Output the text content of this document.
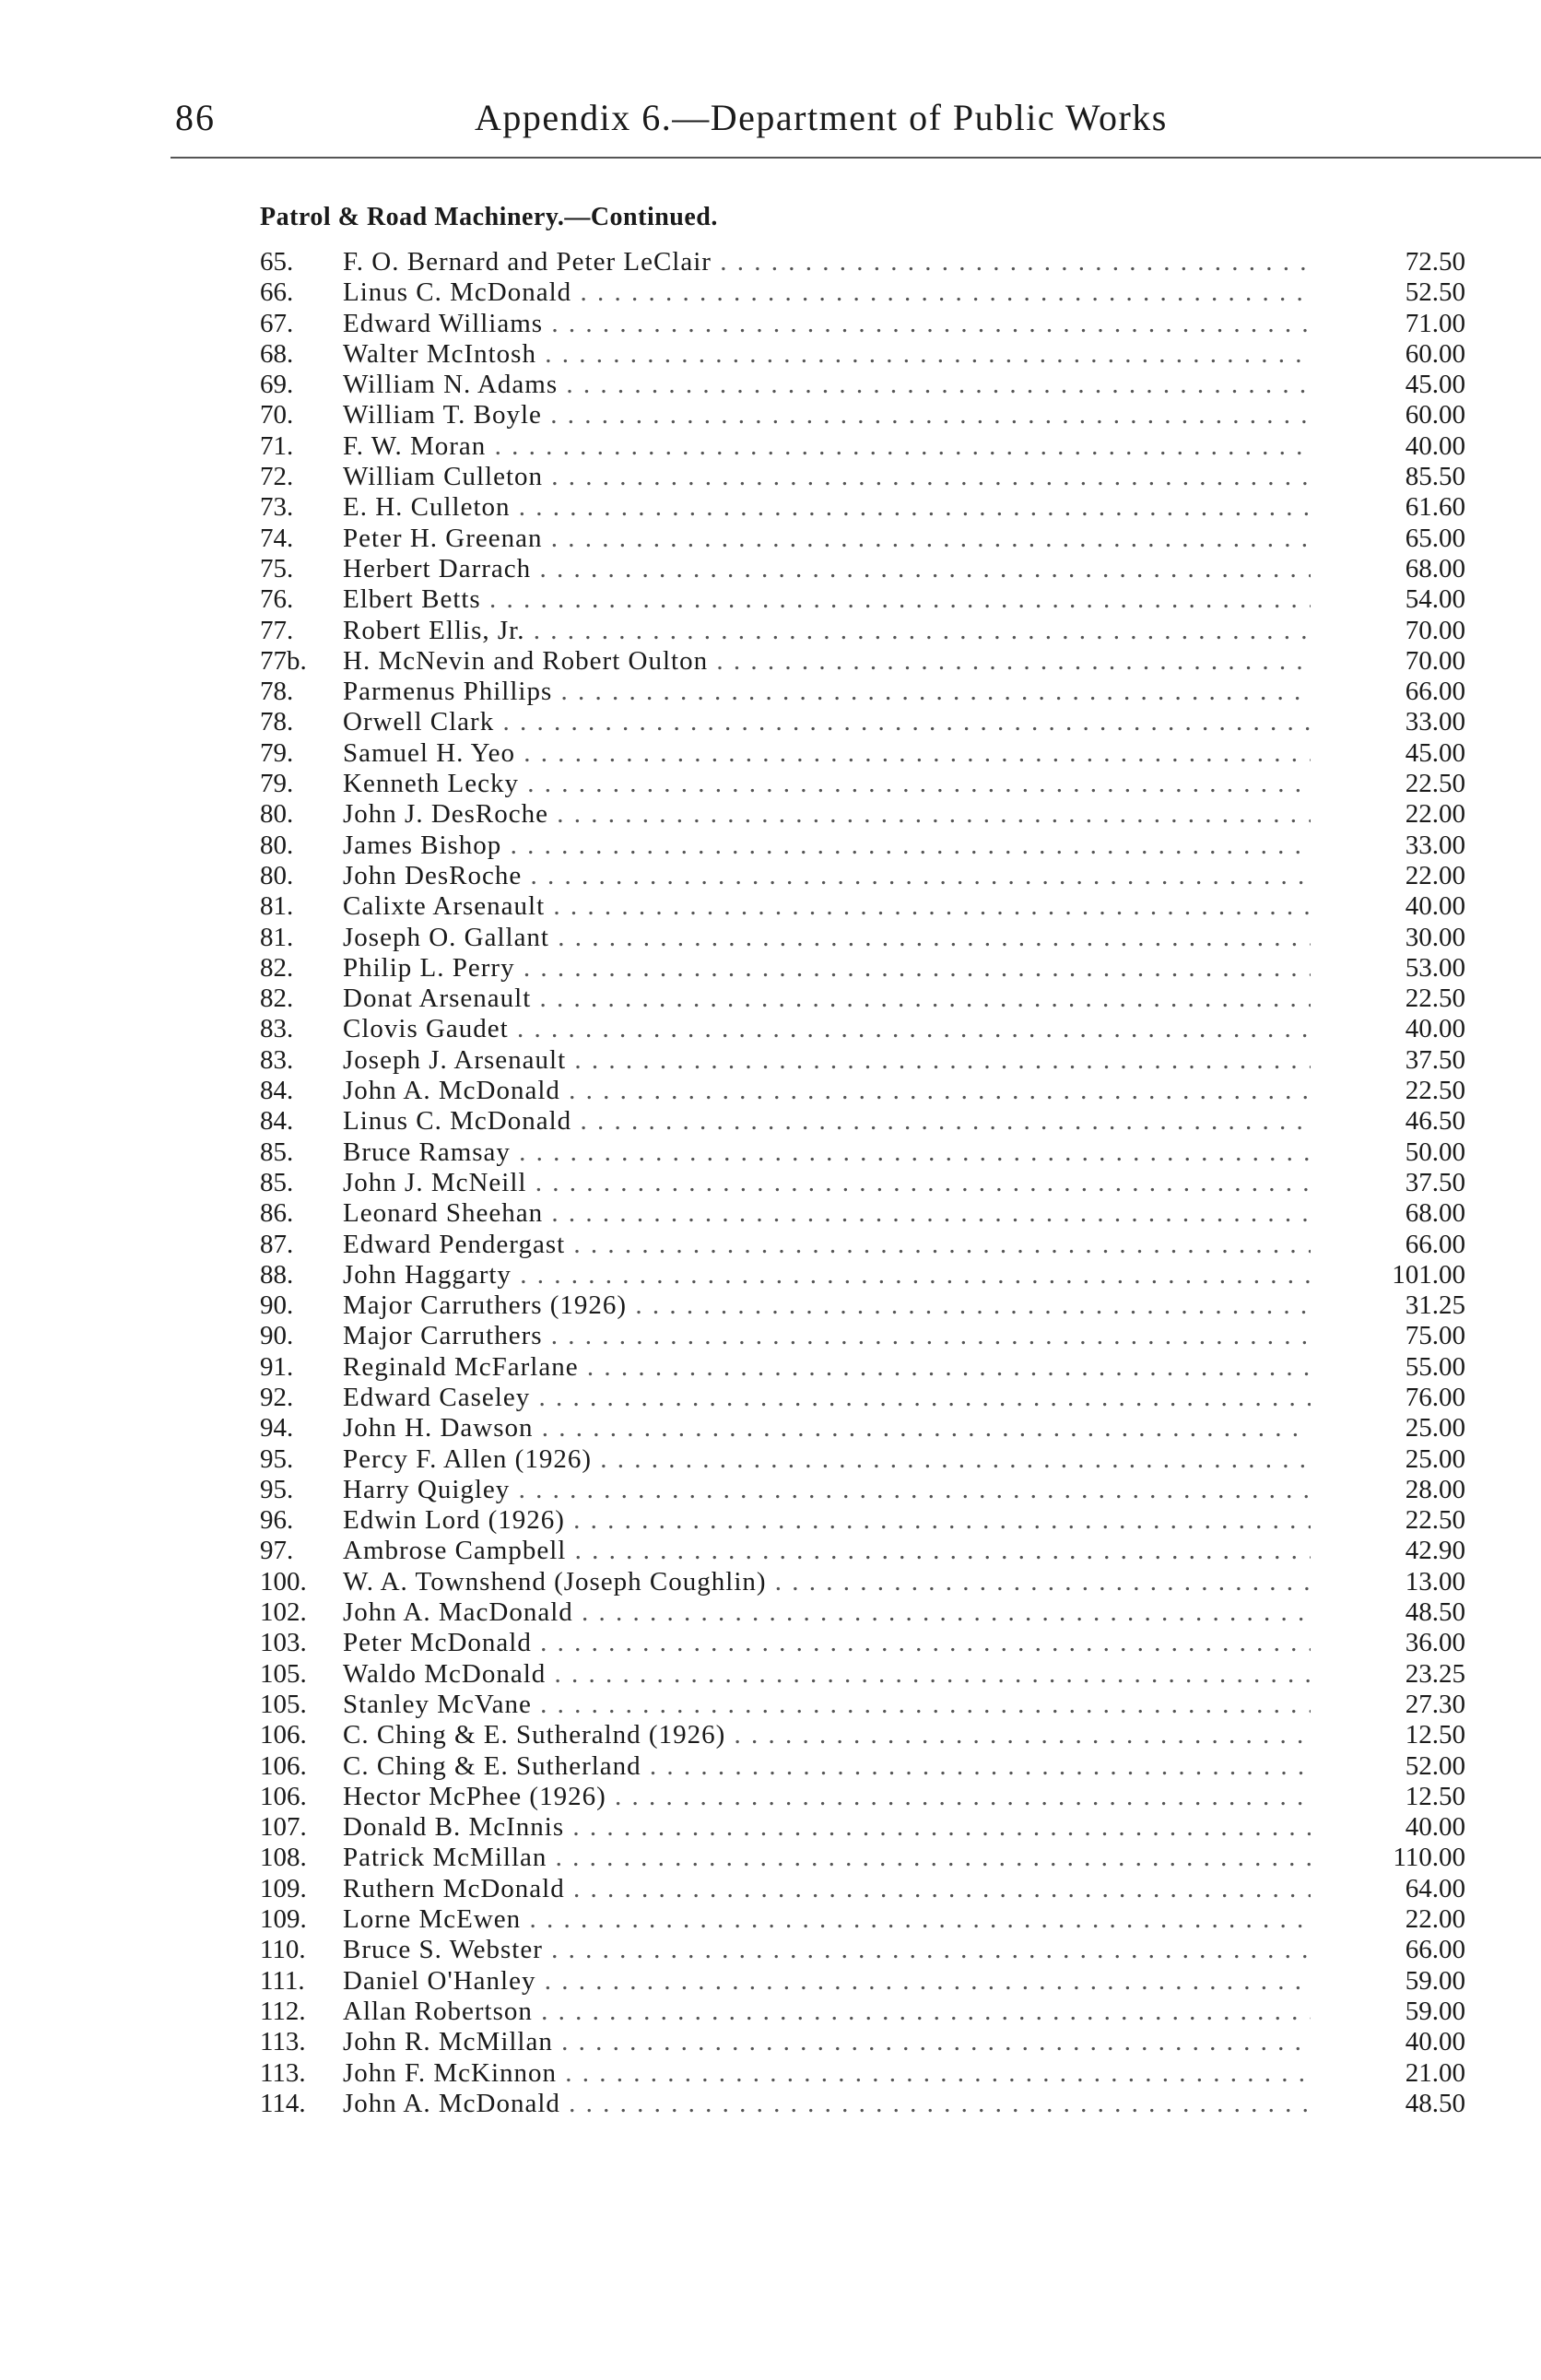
86	Appendix 6.—Department of Public Works
Patrol & Road Machinery.—Continued.
65.	F. O. Bernard and Peter LeClair . . .	72.50
66.	Linus C. McDonald . . .	52.50
67.	Edward Williams . . .	71.00
68.	Walter McIntosh . . .	60.00
69.	William N. Adams . . .	45.00
70.	William T. Boyle . . .	60.00
71.	F. W. Moran . . .	40.00
72.	William Culleton . . .	85.50
73.	E. H. Culleton . . .	61.60
74.	Peter H. Greenan . . .	65.00
75.	Herbert Darrach . . .	68.00
76.	Elbert Betts . . .	54.00
77.	Robert Ellis, Jr. . . .	70.00
77b.	H. McNevin and Robert Oulton . . .	70.00
78.	Parmenus Phillips . . .	66.00
78.	Orwell Clark . . .	33.00
79.	Samuel H. Yeo . . .	45.00
79.	Kenneth Lecky . . .	22.50
80.	John J. DesRoche . . .	22.00
80.	James Bishop . . .	33.00
80.	John DesRoche . . .	22.00
81.	Calixte Arsenault . . .	40.00
81.	Joseph O. Gallant . . .	30.00
82.	Philip L. Perry . . .	53.00
82.	Donat Arsenault . . .	22.50
83.	Clovis Gaudet . . .	40.00
83.	Joseph J. Arsenault . . .	37.50
84.	John A. McDonald . . .	22.50
84.	Linus C. McDonald . . .	46.50
85.	Bruce Ramsay . . .	50.00
85.	John J. McNeill . . .	37.50
86.	Leonard Sheehan . . .	68.00
87.	Edward Pendergast . . .	66.00
88.	John Haggarty . . .	101.00
90.	Major Carruthers (1926) . . .	31.25
90.	Major Carruthers . . .	75.00
91.	Reginald McFarlane . . .	55.00
92.	Edward Caseley . . .	76.00
94.	John H. Dawson . . .	25.00
95.	Percy F. Allen (1926) . . .	25.00
95.	Harry Quigley . . .	28.00
96.	Edwin Lord (1926) . . .	22.50
97.	Ambrose Campbell . . .	42.90
100.	W. A. Townshend (Joseph Coughlin) . . .	13.00
102.	John A. MacDonald . . .	48.50
103.	Peter McDonald . . .	36.00
105.	Waldo McDonald . . .	23.25
105.	Stanley McVane . . .	27.30
106.	C. Ching & E. Sutheralnd (1926) . . .	12.50
106.	C. Ching & E. Sutherland . . .	52.00
106.	Hector McPhee (1926) . . .	12.50
107.	Donald B. McInnis . . .	40.00
108.	Patrick McMillan . . .	110.00
109.	Ruthern McDonald . . .	64.00
109.	Lorne McEwen . . .	22.00
110.	Bruce S. Webster . . .	66.00
111.	Daniel O'Hanley . . .	59.00
112.	Allan Robertson . . .	59.00
113.	John R. McMillan . . .	40.00
113.	John F. McKinnon . . .	21.00
114.	John A. McDonald . . .	48.50
